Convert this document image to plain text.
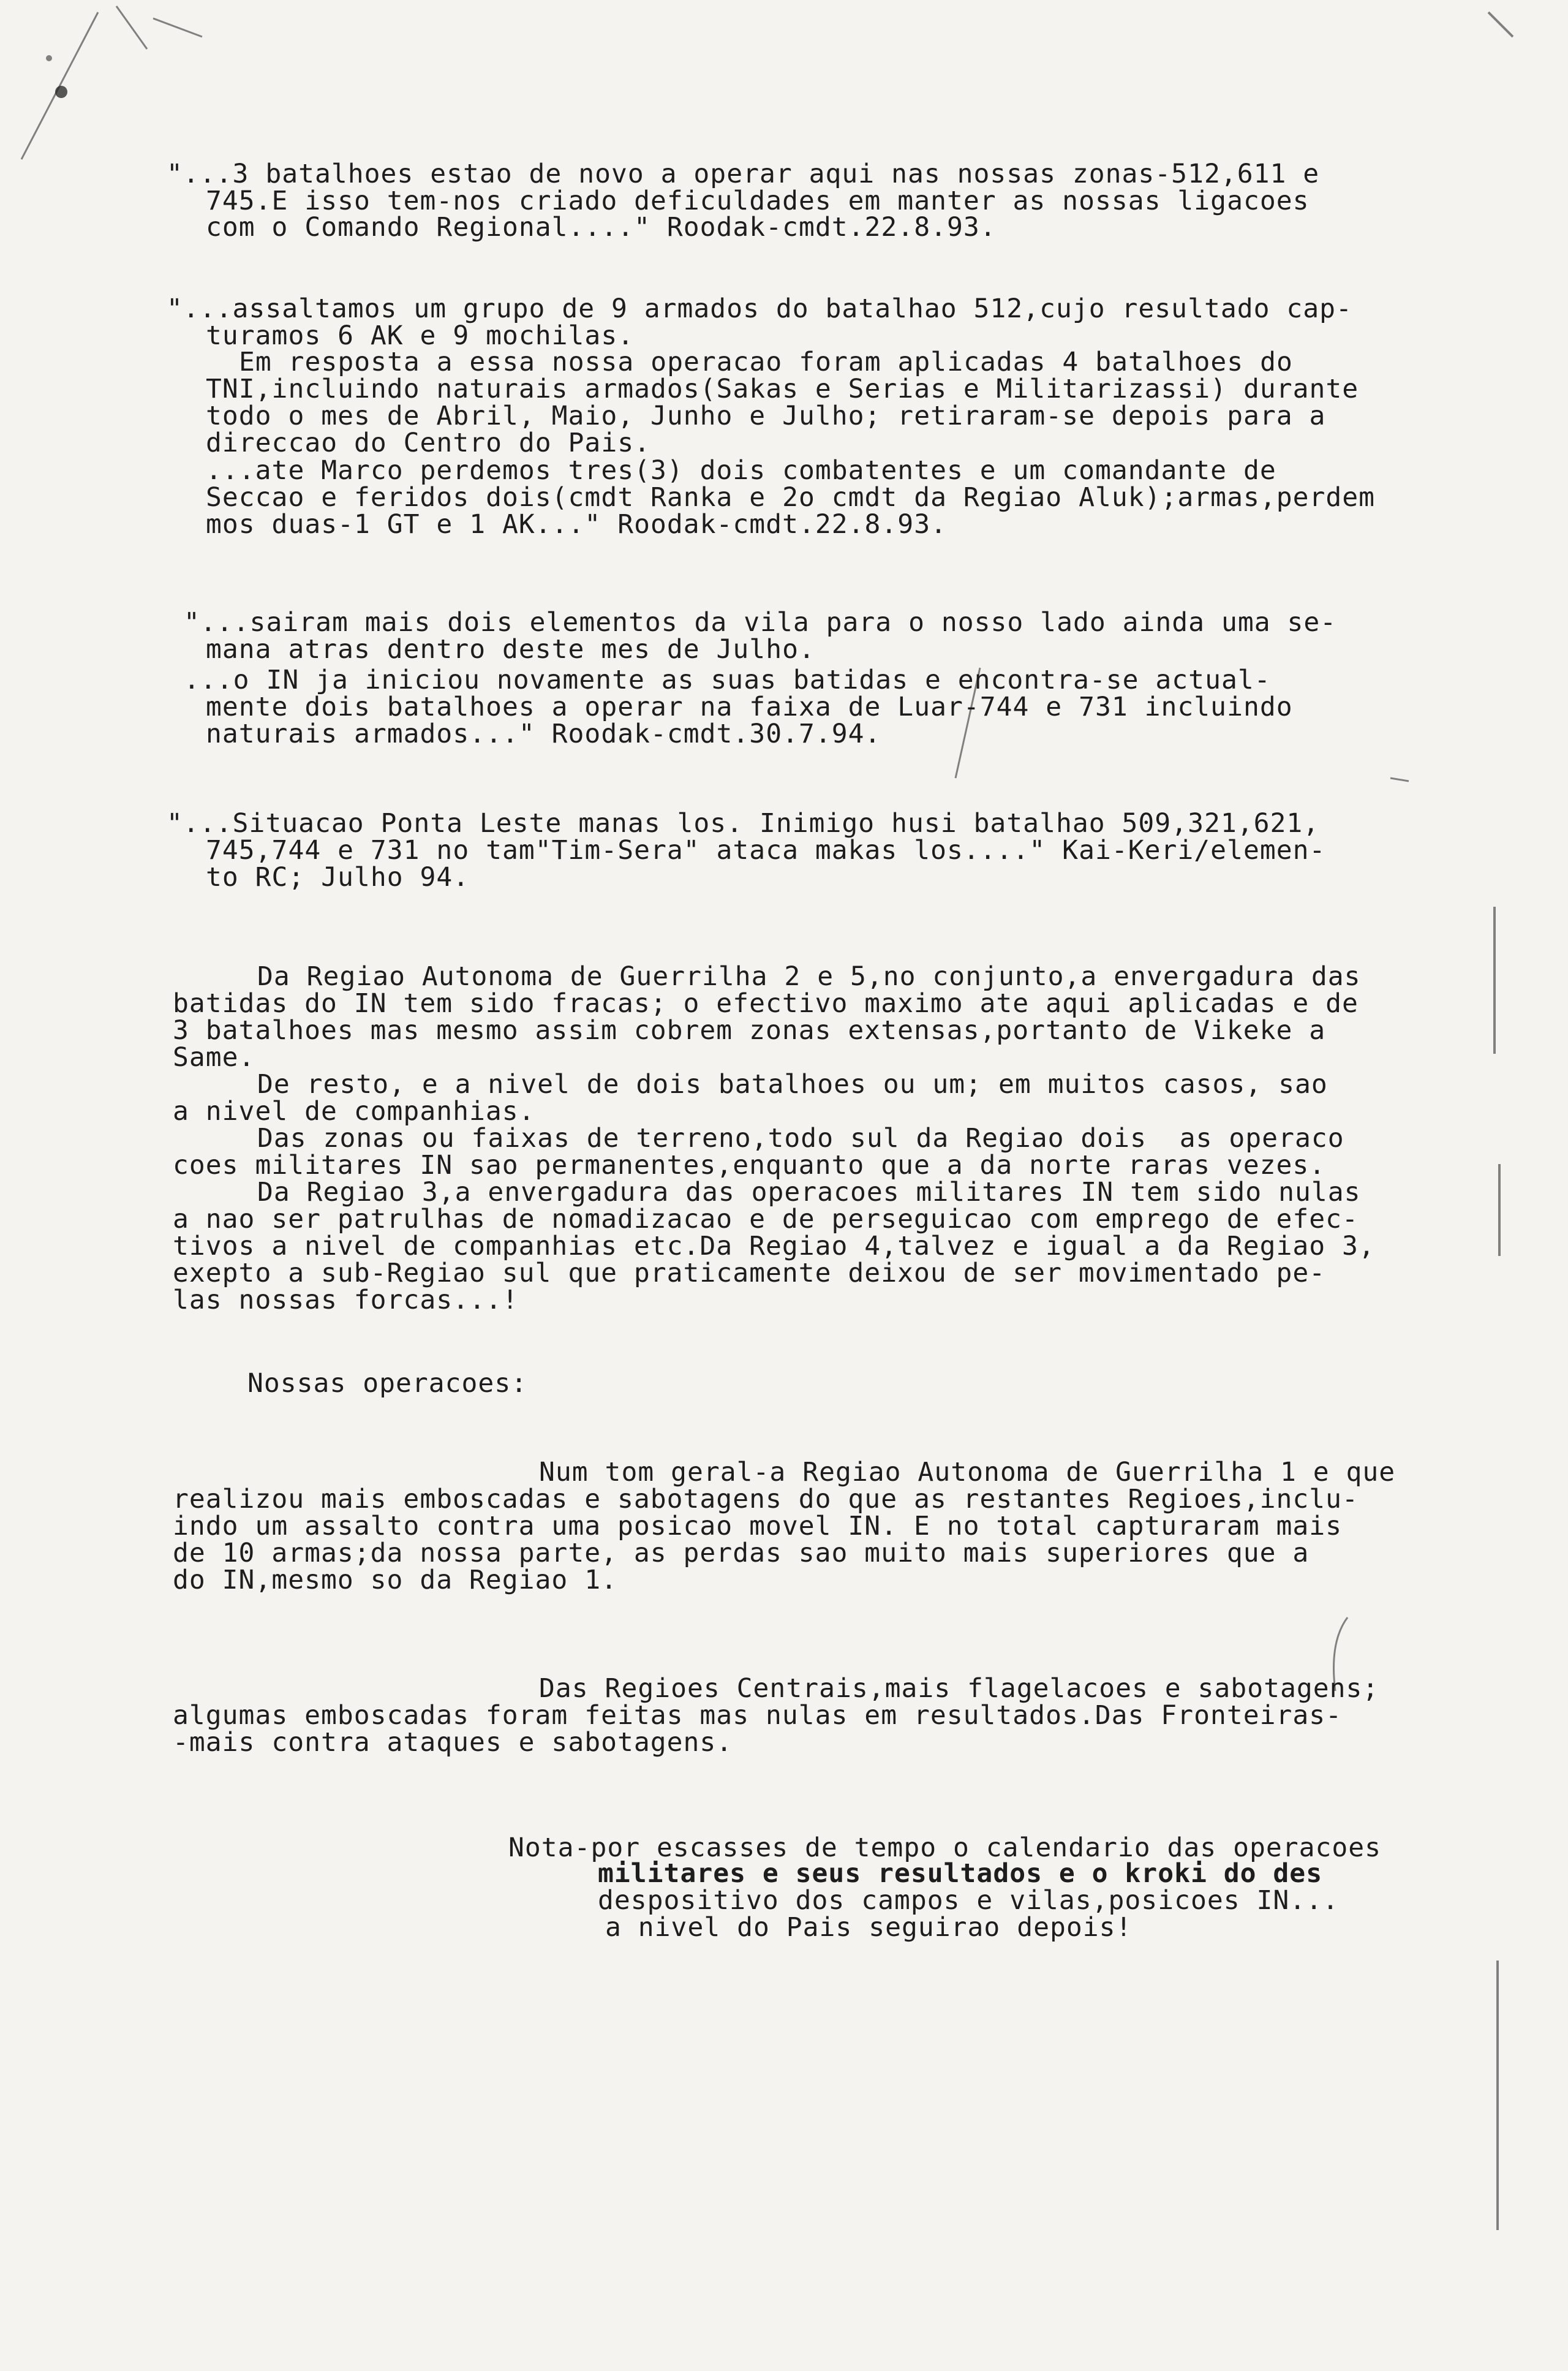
"...3 batalhoes estao de novo a operar aqui nas nossas zonas-512,611 e
745.E isso tem-nos criado deficuldades em manter as nossas ligacoes
com o Comando Regional...." Roodak-cmdt.22.8.93.
"...assaltamos um grupo de 9 armados do batalhao 512,cujo resultado cap-
turamos 6 AK e 9 mochilas.
Em resposta a essa nossa operacao foram aplicadas 4 batalhoes do
TNI,incluindo naturais armados(Sakas e Serias e Militarizassi) durante
todo o mes de Abril, Maio, Junho e Julho; retiraram-se depois para a
direccao do Centro do Pais.
...ate Marco perdemos tres(3) dois combatentes e um comandante de
Seccao e feridos dois(cmdt Ranka e 2o cmdt da Regiao Aluk);armas,perdem
mos duas-1 GT e 1 AK..." Roodak-cmdt.22.8.93.
"...sairam mais dois elementos da vila para o nosso lado ainda uma se-
mana atras dentro deste mes de Julho.
...o IN ja iniciou novamente as suas batidas e encontra-se actual-
mente dois batalhoes a operar na faixa de Luar-744 e 731 incluindo
naturais armados..." Roodak-cmdt.30.7.94.
"...Situacao Ponta Leste manas los. Inimigo husi batalhao 509,321,621,
745,744 e 731 no tam"Tim-Sera" ataca makas los...." Kai-Keri/elemen-
to RC; Julho 94.
Da Regiao Autonoma de Guerrilha 2 e 5,no conjunto,a envergadura das
batidas do IN tem sido fracas; o efectivo maximo ate aqui aplicadas e de
3 batalhoes mas mesmo assim cobrem zonas extensas,portanto de Vikeke a
Same.
De resto, e a nivel de dois batalhoes ou um; em muitos casos, sao
a nivel de companhias.
Das zonas ou faixas de terreno,todo sul da Regiao dois  as operaco
coes militares IN sao permanentes,enquanto que a da norte raras vezes.
Da Regiao 3,a envergadura das operacoes militares IN tem sido nulas
a nao ser patrulhas de nomadizacao e de perseguicao com emprego de efec-
tivos a nivel de companhias etc.Da Regiao 4,talvez e igual a da Regiao 3,
exepto a sub-Regiao sul que praticamente deixou de ser movimentado pe-
las nossas forcas...!
Nossas operacoes:
Num tom geral-a Regiao Autonoma de Guerrilha 1 e que
realizou mais emboscadas e sabotagens do que as restantes Regioes,inclu-
indo um assalto contra uma posicao movel IN. E no total capturaram mais
de 10 armas;da nossa parte, as perdas sao muito mais superiores que a
do IN,mesmo so da Regiao 1.
Das Regioes Centrais,mais flagelacoes e sabotagens;
algumas emboscadas foram feitas mas nulas em resultados.Das Fronteiras-
-mais contra ataques e sabotagens.
Nota-por escasses de tempo o calendario das operacoes
militares e seus resultados e o kroki do des
despositivo dos campos e vilas,posicoes IN...
a nivel do Pais seguirao depois!
